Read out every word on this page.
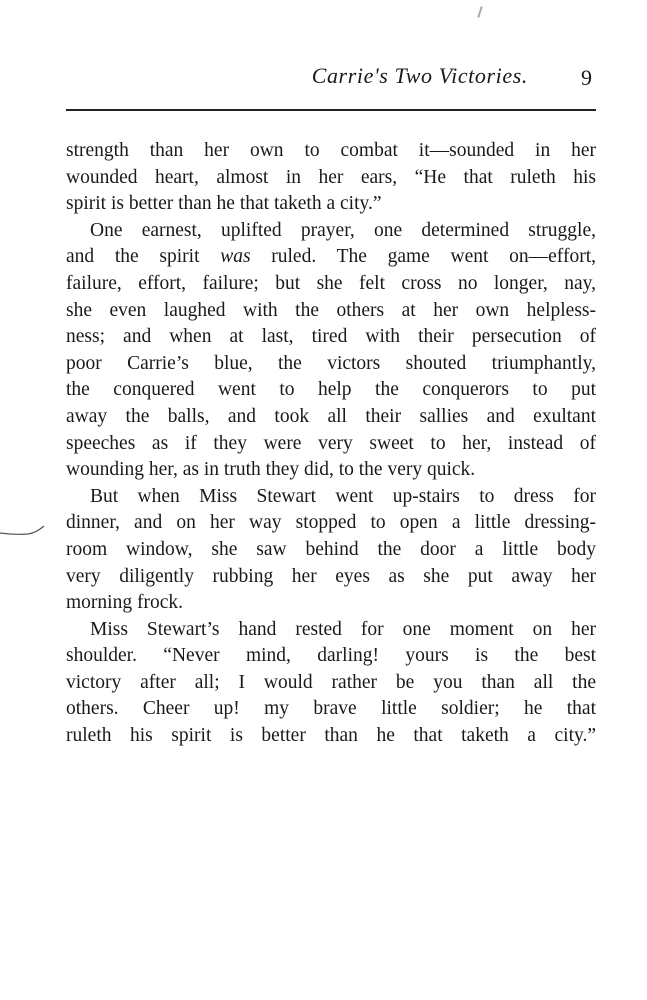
Carrie's Two Victories. 9
strength than her own to combat it—sounded in her
wounded heart, almost in her ears, “He that ruleth his
spirit is better than he that taketh a city.”
One earnest, uplifted prayer, one determined struggle,
and the spirit was ruled. The game went on—effort,
failure, effort, failure; but she felt cross no longer, nay,
she even laughed with the others at her own helpless-
ness; and when at last, tired with their persecution of
poor Carrie’s blue, the victors shouted triumphantly,
the conquered went to help the conquerors to put
away the balls, and took all their sallies and exultant
speeches as if they were very sweet to her, instead of
wounding her, as in truth they did, to the very quick.
But when Miss Stewart went up-stairs to dress for
dinner, and on her way stopped to open a little dressing-
room window, she saw behind the door a little body
very diligently rubbing her eyes as she put away her
morning frock.
Miss Stewart’s hand rested for one moment on her
shoulder. “Never mind, darling! yours is the best
victory after all; I would rather be you than all the
others. Cheer up! my brave little soldier; he that
ruleth his spirit is better than he that taketh a city.”
